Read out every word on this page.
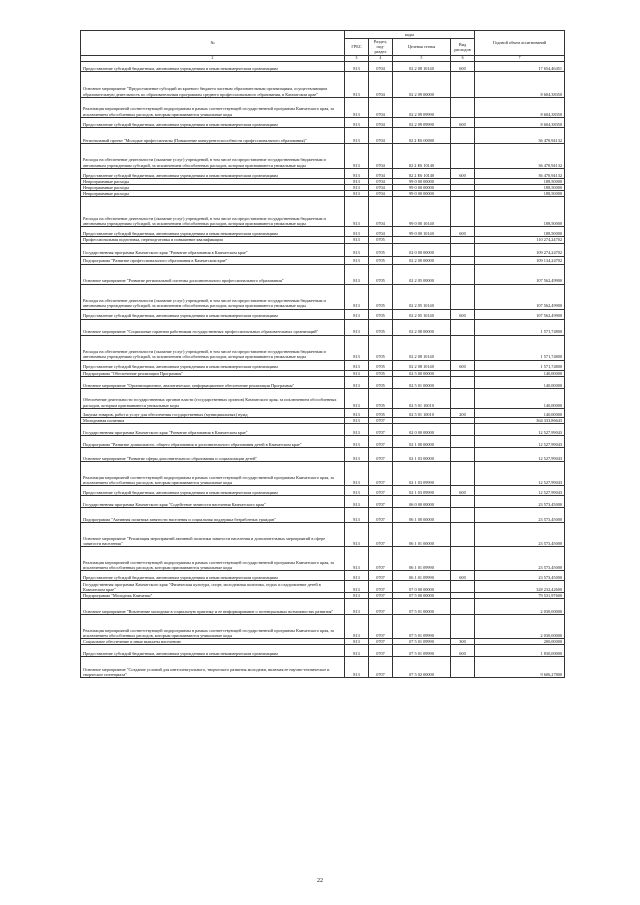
№	коды				Годовой объем ассигнований
	ГРБС	Раздел, под-раздел	Целевая статья	Вид расходов	
2	3	4	5	6	7
Предоставление субсидий бюджетным, автономным учреждениям и иным некоммерческим организациям	813	0704	02 2 08 10140	600	17 654,46451
Основное мероприятие "Предоставление субсидий из краевого бюджета частным образовательным организациям, осуществляющим образовательную деятельность по образовательным программам среднего профессионального образования, в Камчатском крае"	813	0704	02 2 09 00000		8 604,38350
Реализация мероприятий соответствующей подпрограммы в рамках соответствующей государственной программы Камчатского края, за исключением обособленных расходов, которым присваиваются уникальные коды	813	0704	02 2 09 09990		8 604,38350
Предоставление субсидий бюджетным, автономным учреждениям и иным некоммерческим организациям	813	0704	02 2 09 09990	600	8 604,38350
Региональный проект "Молодые профессионалы (Повышение конкурентоспособности профессионального образования)"	813	0704	02 2 Е6 00000		36 470,94132
Расходы на обеспечение деятельности (оказание услуг) учреждений, в том числе на предоставление государственным бюджетным и автономным учреждениям субсидий, за исключением обособленных расходов, которым присваиваются уникальные коды	813	0704	02 2 Е6 10140		36 470,94132
Предоставление субсидий бюджетным, автономным учреждениям и иным некоммерческим организациям	813	0704	02 2 Е6 10140	600	36 470,94132
Непрограммные расходы	813	0704	99 0 00 00000		188,50000
Непрограммные расходы	813	0704	99 0 00 00000		188,50000
Непрограммные расходы	813	0704	99 0 00 00000		188,50000
Расходы на обеспечение деятельности (оказание услуг) учреждений, в том числе на предоставление государственным бюджетным и автономным учреждениям субсидий, за исключением обособленных расходов, которым присваиваются уникальные коды	813	0704	99 0 00 10140		188,50000
Предоставление субсидий бюджетным, автономным учреждениям и иным некоммерческим организациям	813	0704	99 0 00 10140	600	188,50000
Профессиональная подготовка, переподготовка и повышение квалификации	813	0705			110 274,24702
Государственная программа Камчатского края "Развитие образования в Камчатском крае"	813	0705	02 0 00 00000		109 274,24702
Подпрограмма "Развитие профессионального образования в Камчатском крае"	813	0705	02 2 00 00000		109 134,24702
Основное мероприятие "Развитие региональной системы дополнительного профессионального образования"	813	0705	02 2 05 00000		107 562,49900
Расходы на обеспечение деятельности (оказание услуг) учреждений, в том числе на предоставление государственным бюджетным и автономным учреждениям субсидий, за исключением обособленных расходов, которым присваиваются уникальные коды	813	0705	02 2 05 10140		107 562,49900
Предоставление субсидий бюджетным, автономным учреждениям и иным некоммерческим организациям	813	0705	02 2 05 10140	600	107 562,49900
Основное мероприятие "Социальные гарантии работникам государственных профессиональных образовательных организаций"	813	0705	02 2 08 00000		1 571,74800
Расходы на обеспечение деятельности (оказание услуг) учреждений, в том числе на предоставление государственным бюджетным и автономным учреждениям субсидий, за исключением обособленных расходов, которым присваиваются уникальные коды	813	0705	02 2 08 10140		1 571,74800
Предоставление субсидий бюджетным, автономным учреждениям и иным некоммерческим организациям	813	0705	02 2 08 10140	600	1 571,74800
Подпрограмма "Обеспечение реализации Программы"	813	0705	02 5 00 00000		140,00000
Основное мероприятие "Организационное, аналитическое, информационное обеспечение реализации Программы"	813	0705	02 5 01 00000		140,00000
Обеспечение деятельности государственных органов власти (государственных органов) Камчатского края, за исключением обособленных расходов, которым присваиваются уникальные коды	813	0705	02 5 01 10010		140,00000
Закупка товаров, работ и услуг для обеспечения государственных (муниципальных) нужд	813	0705	02 5 01 10010	200	140,00000
Молодежная политика	813	0707			364 333,86643
Государственная программа Камчатского края "Развитие образования в Камчатском крае"	813	0707	02 0 00 00000		12 527,99043
Подпрограмма "Развитие дошкольного, общего образования и дополнительного образования детей в Камчатском крае"	813	0707	02 1 00 00000		12 527,99043
Основное мероприятие "Развитие сферы дополнительного образования и социализации детей"	813	0707	02 1 03 00000		12 527,99043
Реализация мероприятий соответствующей подпрограммы в рамках соответствующей государственной программы Камчатского края, за исключением обособленных расходов, которым присваиваются уникальные коды	813	0707	02 1 03 09990		12 527,99043
Предоставление субсидий бюджетным, автономным учреждениям и иным некоммерческим организациям	813	0707	02 1 03 09990	600	12 527,99043
Государственная программа Камчатского края "Содействие занятости населения Камчатского края"	813	0707	06 0 00 00000		23 573,45000
Подпрограмма "Активная политика занятости населения и социальная поддержка безработных граждан"	813	0707	06 1 00 00000		23 573,45000
Основное мероприятие "Реализация мероприятий активной политики занятости населения и дополнительных мероприятий в сфере занятости населения"	813	0707	06 1 01 00000		23 573,45000
Реализация мероприятий соответствующей подпрограммы в рамках соответствующей государственной программы Камчатского края, за исключением обособленных расходов, которым присваиваются уникальные коды	813	0707	06 1 01 09990		23 573,45000
Предоставление субсидий бюджетным, автономным учреждениям и иным некоммерческим организациям	813	0707	06 1 01 09990	600	23 573,45000
Государственная программа Камчатского края "Физическая культура, спорт, молодежная политика, отдых и оздоровление детей в Камчатском крае"	813	0707	07 0 00 00000		328 232,42600
Подпрограмма "Молодежь Камчатки"	813	0707	07 5 00 00000		79 531,97600
Основное мероприятие "Вовлечение молодежи в социальную практику и ее информирование о потенциальных возможностях развития"	813	0707	07 5 01 00000		2 030,00000
Реализация мероприятий соответствующей подпрограммы в рамках соответствующей государственной программы Камчатского края, за исключением обособленных расходов, которым присваиваются уникальные коды	813	0707	07 5 01 09990		2 030,00000
Социальное обеспечение и иные выплаты населению	813	0707	07 5 01 09990	300	200,00000
Предоставление субсидий бюджетным, автономным учреждениям и иным некоммерческим организациям	813	0707	07 5 01 09990	600	1 830,00000
Основное мероприятие "Создание условий для интеллектуального, творческого развития молодежи, включая ее научно-техническое и творческое потенциала"	813	0707	07 5 02 00000		9 606,27800
22
